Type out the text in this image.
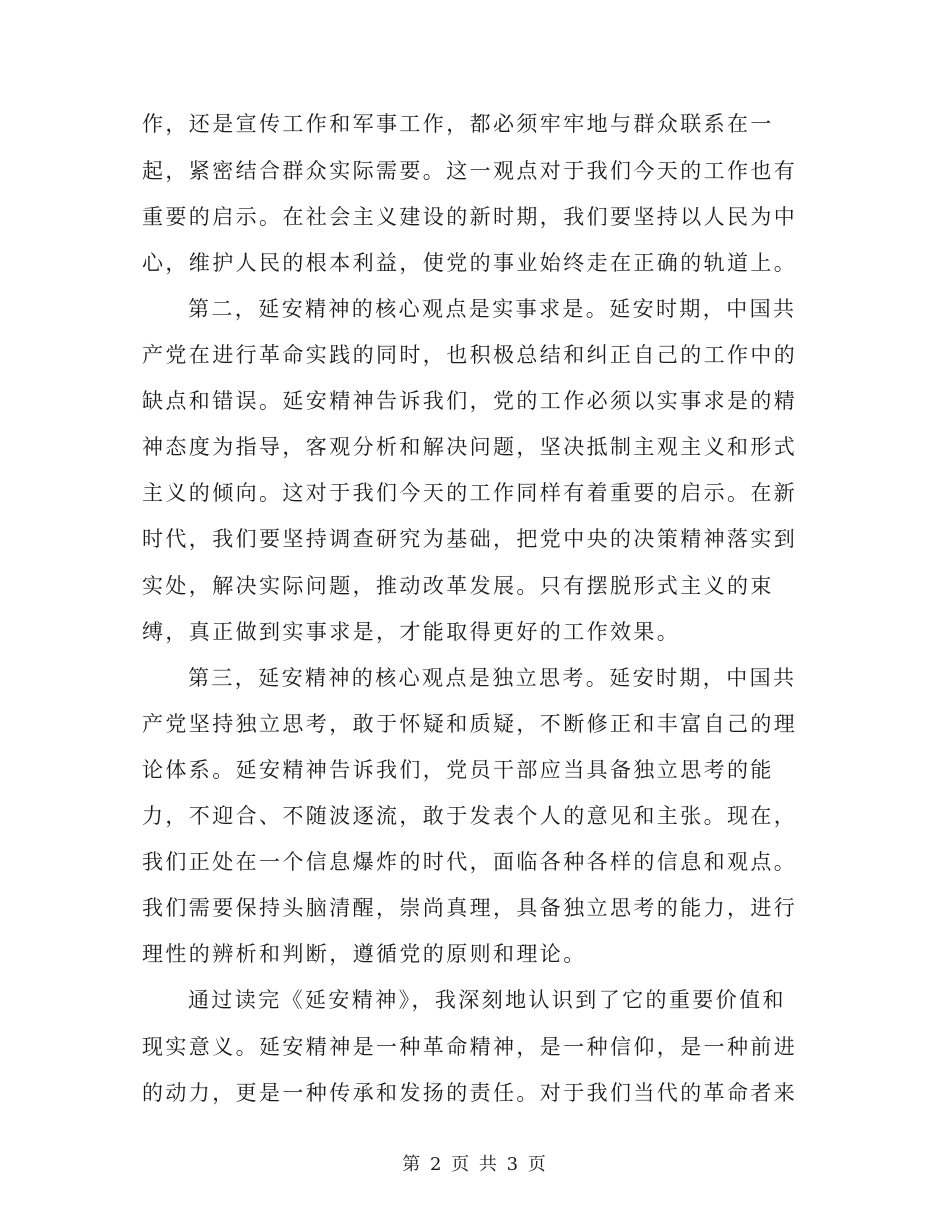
作，还是宣传工作和军事工作，都必须牢牢地与群众联系在一
起，紧密结合群众实际需要。这一观点对于我们今天的工作也有
重要的启示。在社会主义建设的新时期，我们要坚持以人民为中
心，维护人民的根本利益，使党的事业始终走在正确的轨道上。
第二，延安精神的核心观点是实事求是。延安时期，中国共
产党在进行革命实践的同时，也积极总结和纠正自己的工作中的
缺点和错误。延安精神告诉我们，党的工作必须以实事求是的精
神态度为指导，客观分析和解决问题，坚决抵制主观主义和形式
主义的倾向。这对于我们今天的工作同样有着重要的启示。在新
时代，我们要坚持调查研究为基础，把党中央的决策精神落实到
实处，解决实际问题，推动改革发展。只有摆脱形式主义的束
缚，真正做到实事求是，才能取得更好的工作效果。
第三，延安精神的核心观点是独立思考。延安时期，中国共
产党坚持独立思考，敢于怀疑和质疑，不断修正和丰富自己的理
论体系。延安精神告诉我们，党员干部应当具备独立思考的能
力，不迎合、不随波逐流，敢于发表个人的意见和主张。现在，
我们正处在一个信息爆炸的时代，面临各种各样的信息和观点。
我们需要保持头脑清醒，崇尚真理，具备独立思考的能力，进行
理性的辨析和判断，遵循党的原则和理论。
通过读完《延安精神》，我深刻地认识到了它的重要价值和
现实意义。延安精神是一种革命精神，是一种信仰，是一种前进
的动力，更是一种传承和发扬的责任。对于我们当代的革命者来
第 2 页 共 3 页
